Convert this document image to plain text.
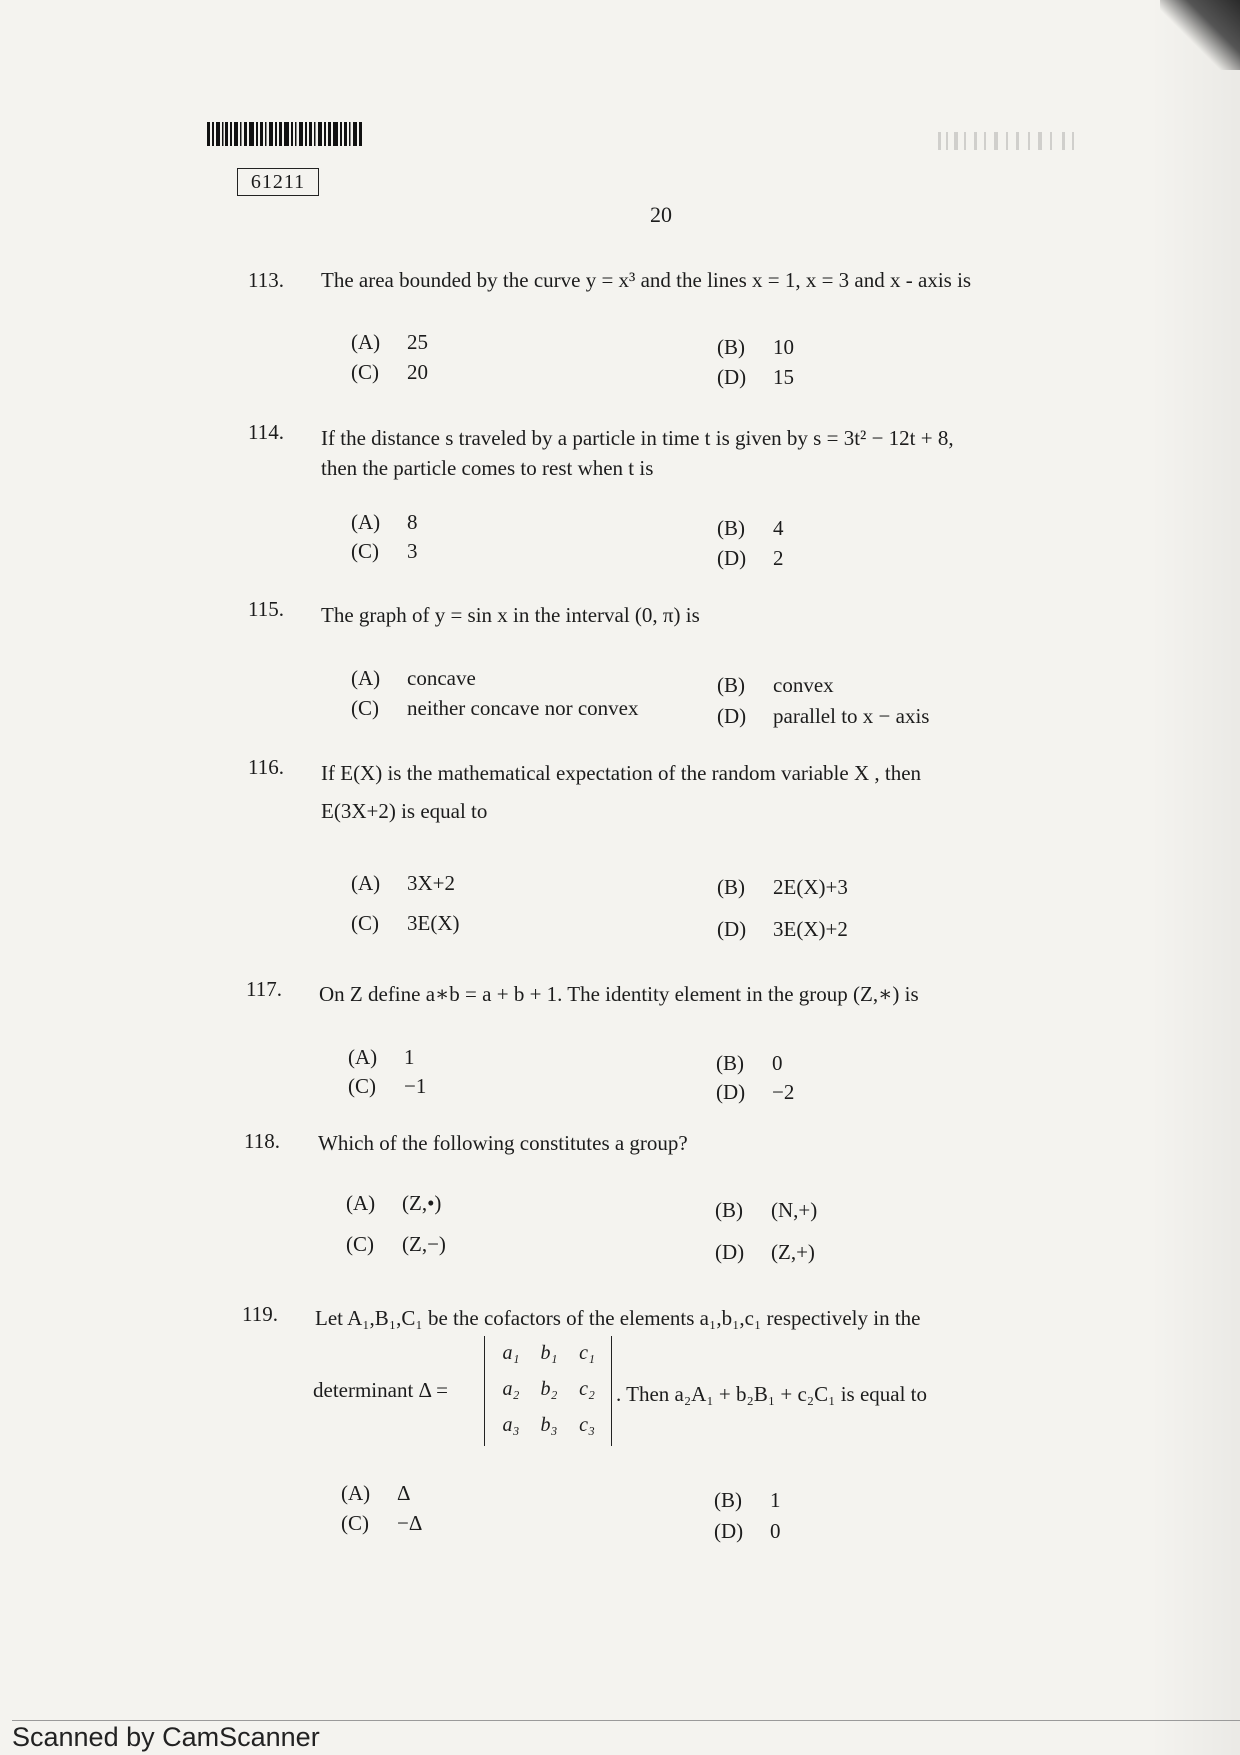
61211
20
113. The area bounded by the curve y = x³ and the lines x = 1, x = 3 and x - axis is
(A) 25	(B) 10
(C) 20	(D) 15
114. If the distance s traveled by a particle in time t is given by s = 3t² − 12t + 8,
then the particle comes to rest when t is
(A) 8	(B) 4
(C) 3	(D) 2
115. The graph of y = sin x in the interval (0, π) is
(A) concave	(B) convex
(C) neither concave nor convex	(D) parallel to x − axis
116. If E(X) is the mathematical expectation of the random variable X , then
E(3X+2) is equal to
(A) 3X+2	(B) 2E(X)+3
(C) 3E(X)	(D) 3E(X)+2
117. On Z define a∗b = a + b + 1. The identity element in the group (Z,∗) is
(A) 1	(B) 0
(C) −1	(D) −2
118. Which of the following constitutes a group?
(A) (Z,•)	(B) (N,+)
(C) (Z,−)	(D) (Z,+)
119. Let A₁,B₁,C₁ be the cofactors of the elements a₁,b₁,c₁ respectively in the
determinant Δ =
a₁	b₁	c₁
a₂	b₂	c₂
a₃	b₃	c₃
. Then a₂A₁ + b₂B₁ + c₂C₁ is equal to
(A) Δ	(B) 1
(C) −Δ	(D) 0
Scanned by CamScanner
